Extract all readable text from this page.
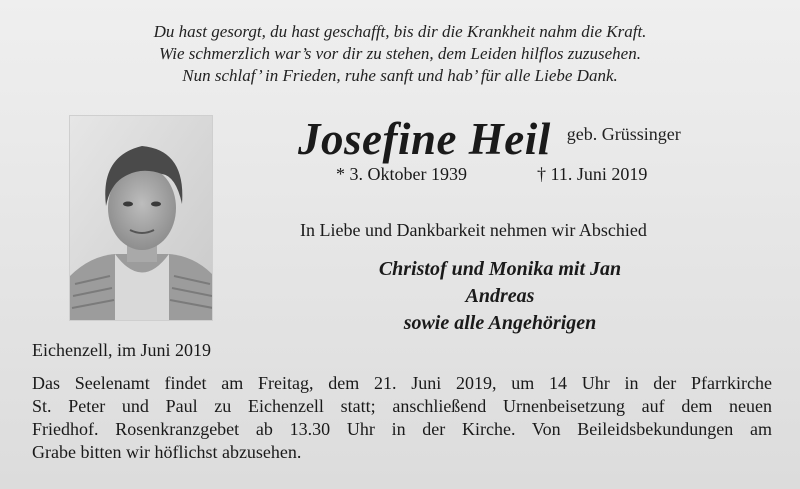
Du hast gesorgt, du hast geschafft, bis dir die Krankheit nahm die Kraft.
Wie schmerzlich war’s vor dir zu stehen, dem Leiden hilflos zuzusehen.
Nun schlaf’ in Frieden, ruhe sanft und hab’ für alle Liebe Dank.
Josefine Heil geb. Grüssinger
* 3. Oktober 1939	† 11. Juni 2019
In Liebe und Dankbarkeit nehmen wir Abschied
Christof und Monika mit Jan
Andreas
sowie alle Angehörigen
Eichenzell, im Juni 2019
Das Seelenamt findet am Freitag, dem 21. Juni 2019, um 14 Uhr in der Pfarrkirche
St. Peter und Paul zu Eichenzell statt; anschließend Urnenbeisetzung auf dem neuen
Friedhof. Rosenkranzgebet ab 13.30 Uhr in der Kirche. Von Beileidsbekundungen am
Grabe bitten wir höflichst abzusehen.
